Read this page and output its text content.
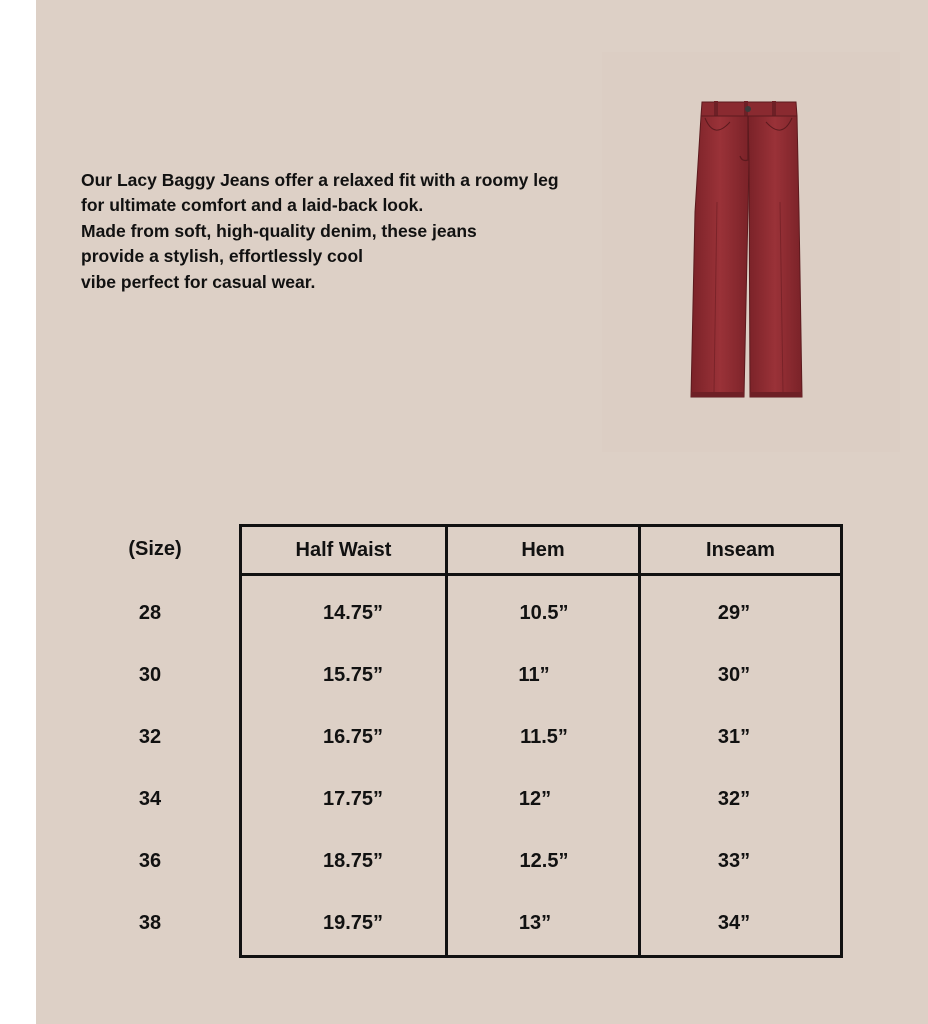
Our Lacy Baggy Jeans offer a relaxed fit with a roomy leg
for ultimate comfort and a laid-back look.
Made from soft, high-quality denim, these jeans
provide a stylish, effortlessly cool
vibe perfect for casual wear.
(Size)	Half Waist	Hem	Inseam
28	14.75”	10.5”	29”
30	15.75”	11”	30”
32	16.75”	11.5”	31”
34	17.75”	12”	32”
36	18.75”	12.5”	33”
38	19.75”	13”	34”
